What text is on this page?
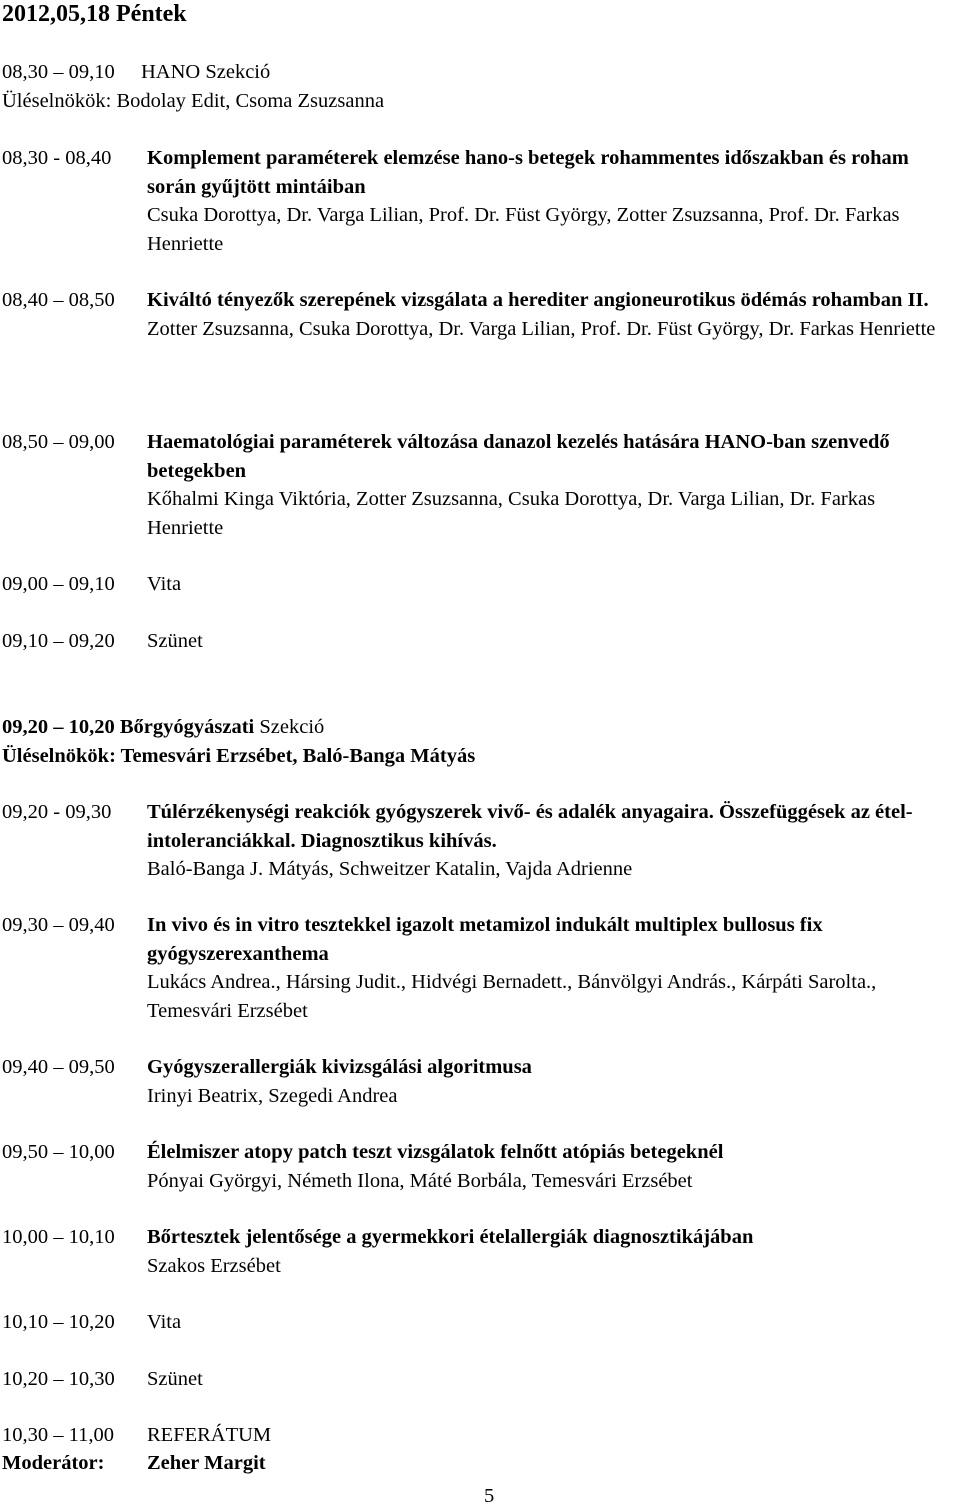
2012,05,18 Péntek
08,30 – 09,10 HANO Szekció
Üléselnökök: Bodolay Edit, Csoma Zsuzsanna
08,30 - 08,40 Komplement paraméterek elemzése hano-s betegek rohammentes időszakban és roham során gyűjtött mintáiban
Csuka Dorottya, Dr. Varga Lilian, Prof. Dr. Füst György, Zotter Zsuzsanna, Prof. Dr. Farkas Henriette
08,40 – 08,50 Kiváltó tényezők szerepének vizsgálata a herediter angioneurotikus ödémás rohamban II.
Zotter Zsuzsanna, Csuka Dorottya, Dr. Varga Lilian, Prof. Dr. Füst György, Dr. Farkas Henriette
08,50 – 09,00 Haematológiai paraméterek változása danazol kezelés hatására HANO-ban szenvedő betegekben
Kőhalmi Kinga Viktória, Zotter Zsuzsanna, Csuka Dorottya, Dr. Varga Lilian, Dr. Farkas Henriette
09,00 – 09,10 Vita
09,10 – 09,20 Szünet
09,20 – 10,20 Bőrgyógyászati Szekció
Üléselnökök: Temesvári Erzsébet, Baló-Banga Mátyás
09,20 - 09,30 Túlérzékenységi reakciók gyógyszerek vivő- és adalék anyagaira. Összefüggések az étel-intoleranciákkal. Diagnosztikus kihívás.
Baló-Banga J. Mátyás, Schweitzer Katalin, Vajda Adrienne
09,30 – 09,40 In vivo és in vitro tesztekkel igazolt metamizol indukált multiplex bullosus fix gyógyszerexanthema
Lukács Andrea., Hársing Judit., Hidvégi Bernadett., Bánvölgyi András., Kárpáti Sarolta., Temesvári Erzsébet
09,40 – 09,50 Gyógyszerallergiák kivizsgálási algoritmusa
Irinyi Beatrix, Szegedi Andrea
09,50 – 10,00 Élelmiszer atopy patch teszt vizsgálatok felnőtt atópiás betegeknél
Pónyai Györgyi, Németh Ilona, Máté Borbála, Temesvári Erzsébet
10,00 – 10,10 Bőrtesztek jelentősége a gyermekkori ételallergiák diagnosztikájában
Szakos Erzsébet
10,10 – 10,20 Vita
10,20 – 10,30 Szünet
10,30 – 11,00 REFERÁTUM
Moderátor: Zeher Margit
5
